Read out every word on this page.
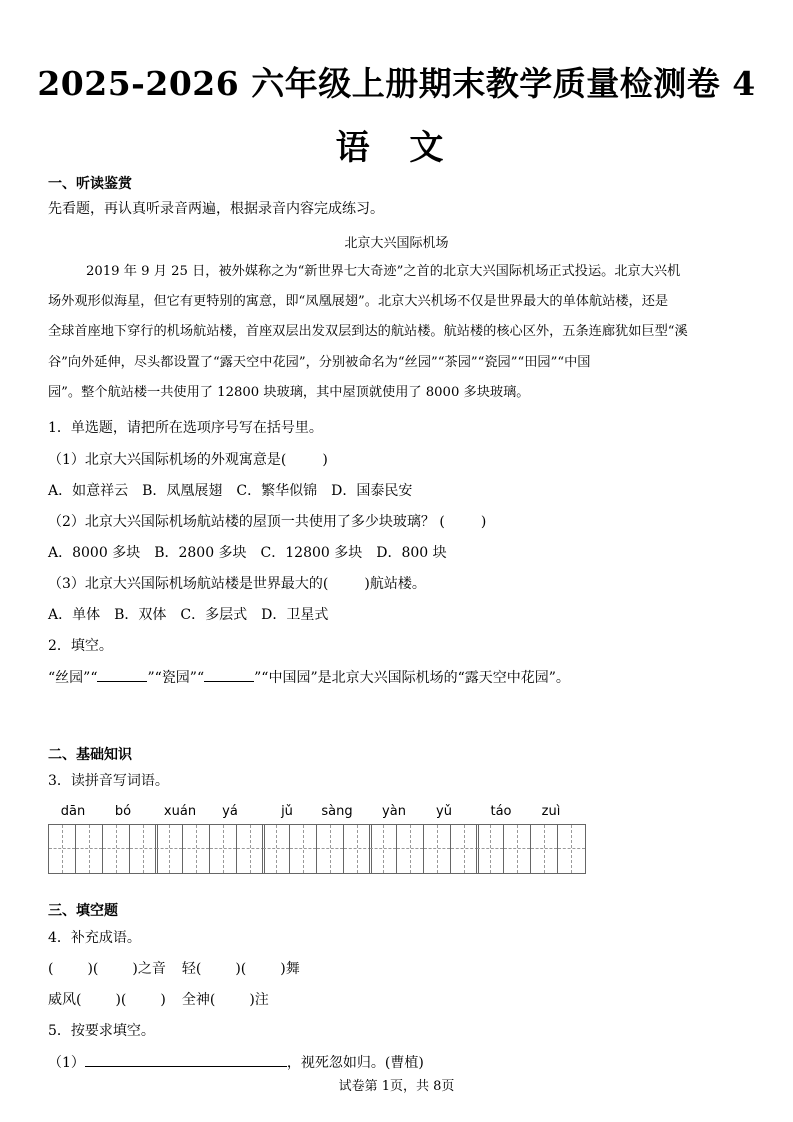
2025-2026 六年级上册期末教学质量检测卷 4
语 文
一、听读鉴赏
先看题，再认真听录音两遍，根据录音内容完成练习。
北京大兴国际机场
2019 年 9 月 25 日，被外媒称之为“新世界七大奇迹”之首的北京大兴国际机场正式投运。北京大兴机
场外观形似海星，但它有更特别的寓意，即“凤凰展翅”。北京大兴机场不仅是世界最大的单体航站楼，还是
全球首座地下穿行的机场航站楼，首座双层出发双层到达的航站楼。航站楼的核心区外，五条连廊犹如巨型“溪
谷”向外延伸，尽头都设置了“露天空中花园”，分别被命名为“丝园”“茶园”“瓷园”“田园”“中国
园”。整个航站楼一共使用了 12800 块玻璃，其中屋顶就使用了 8000 多块玻璃。
1．单选题，请把所在选项序号写在括号里。
（1）北京大兴国际机场的外观寓意是(	)
A．如意祥云　B．凤凰展翅　C．繁华似锦　D．国泰民安
（2）北京大兴国际机场航站楼的屋顶一共使用了多少块玻璃？ (	)
A．8000 多块　B．2800 多块　C．12800 多块　D．800 块
（3）北京大兴国际机场航站楼是世界最大的(	)航站楼。
A．单体　B．双体　C．多层式　D．卫星式
2．填空。
“丝园”“	”“瓷园”“	”“中国园”是北京大兴国际机场的“露天空中花园”。
二、基础知识
3．读拼音写词语。
dān	bó	xuán	yá	jǔ	sàng	yàn	yǔ	táo	zuì
三、填空题
4．补充成语。
( )( )之音 轻( )( )舞
威风( )( ) 全神( )注
5．按要求填空。
（1）	，视死忽如归。(曹植)
试卷第 1页，共 8页
